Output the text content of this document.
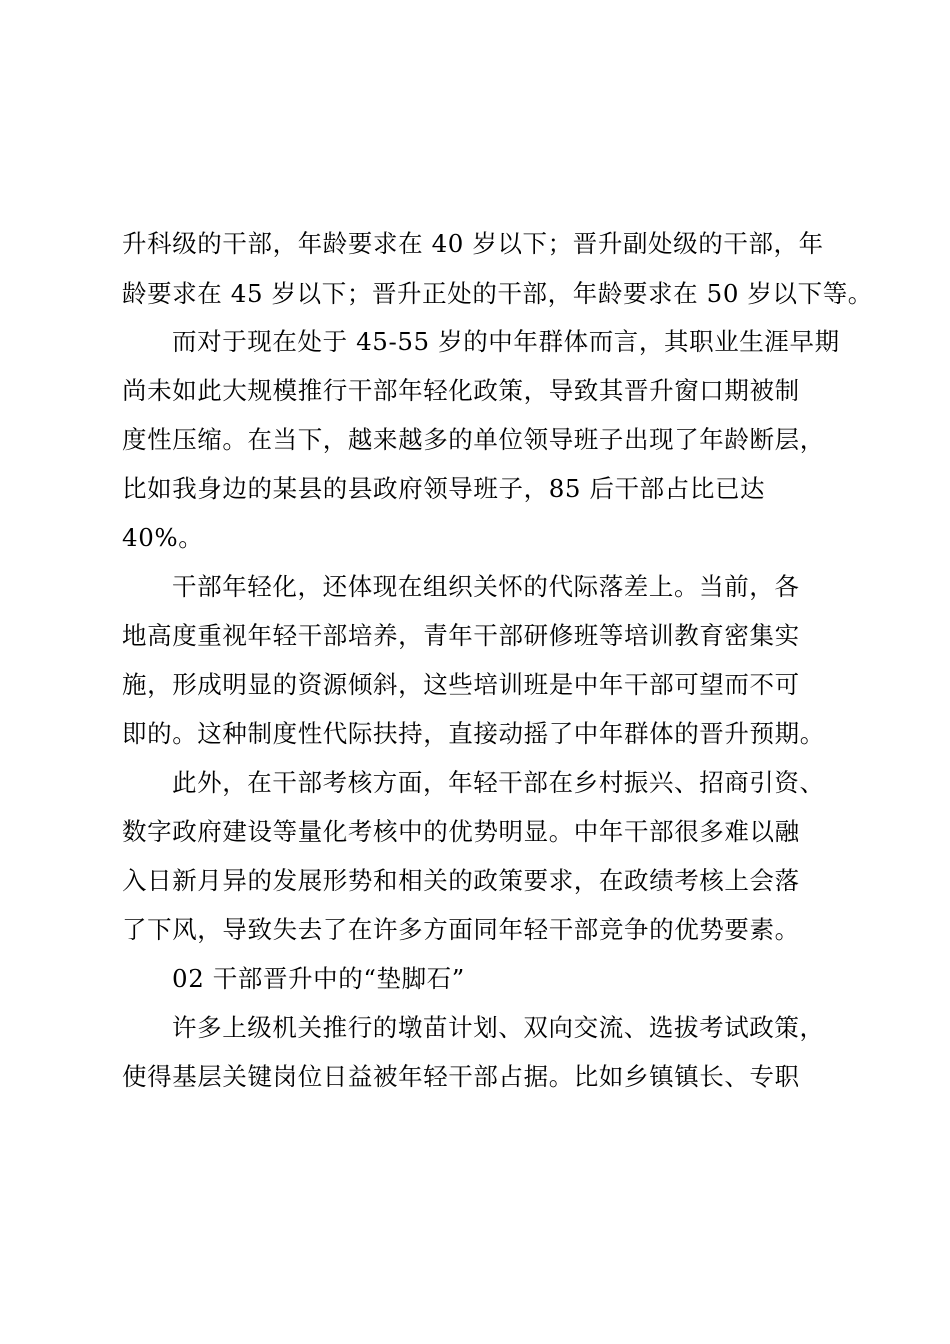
升科级的干部，年龄要求在 40 岁以下；晋升副处级的干部，年
龄要求在 45 岁以下；晋升正处的干部，年龄要求在 50 岁以下等。
而对于现在处于 45-55 岁的中年群体而言，其职业生涯早期
尚未如此大规模推行干部年轻化政策，导致其晋升窗口期被制
度性压缩。在当下，越来越多的单位领导班子出现了年龄断层，
比如我身边的某县的县政府领导班子，85 后干部占比已达
40%。
干部年轻化，还体现在组织关怀的代际落差上。当前，各
地高度重视年轻干部培养，青年干部研修班等培训教育密集实
施，形成明显的资源倾斜，这些培训班是中年干部可望而不可
即的。这种制度性代际扶持，直接动摇了中年群体的晋升预期。
此外，在干部考核方面，年轻干部在乡村振兴、招商引资、
数字政府建设等量化考核中的优势明显。中年干部很多难以融
入日新月异的发展形势和相关的政策要求，在政绩考核上会落
了下风，导致失去了在许多方面同年轻干部竞争的优势要素。
02 干部晋升中的“垫脚石”
许多上级机关推行的墩苗计划、双向交流、选拔考试政策，
使得基层关键岗位日益被年轻干部占据。比如乡镇镇长、专职
